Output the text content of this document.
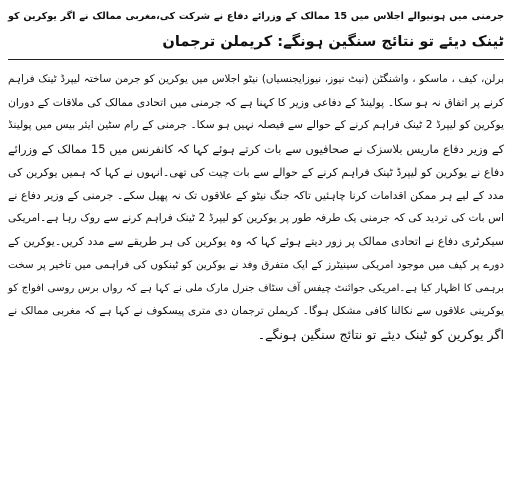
جرمنی میں ہونیوالے اجلاس میں 15 ممالک کے وزرائے دفاع نے شرکت کی،مغربی ممالک نے اگر یوکرین کو
ٹینک دیئے تو نتائج سنگین ہونگے: کریملن ترجمان
برلن، کیف ، ماسکو ، واشنگٹن (نیٹ نیوز، نیوزایجنسیاں) نیٹو اجلاس میں یوکرین کو جرمن ساختہ لیپرڈ ٹینک فراہم
کرنے پر اتفاق نہ ہو سکا۔ پولینڈ کے دفاعی وزیر کا کہنا ہے کہ جرمنی میں اتحادی ممالک کی ملاقات کے دوران
یوکرین کو لیپرڈ 2 ٹینک فراہم کرنے کے حوالے سے فیصلہ نہیں ہو سکا۔ جرمنی کے رام سٹین ایئر بیس میں پولینڈ
کے وزیر دفاع ماریس بلاسزک نے صحافیوں سے بات کرتے ہوئے کہا کہ کانفرنس میں 15 ممالک کے وزرائے
دفاع نے یوکرین کو لیپرڈ ٹینک فراہم کرنے کے حوالے سے بات چیت کی تھی۔انہوں نے کہا کہ ہمیں یوکرین کی
مدد کے لیے ہر ممکن اقدامات کرنا چاہئیں تاکہ جنگ نیٹو کے علاقوں تک نہ پھیل سکے۔ جرمنی کے وزیر دفاع نے
اس بات کی تردید کی کہ جرمنی یک طرفہ طور پر یوکرین کو لیپرڈ 2 ٹینک فراہم کرنے سے روک رہا ہے۔امریکی
سیکرٹری دفاع نے اتحادی ممالک پر زور دیتے ہوئے کہا کہ وہ یوکرین کی ہر طریقے سے مدد کریں۔یوکرین کے
دورے پر کیف میں موجود امریکی سینیٹرز کے ایک متفرق وفد نے یوکرین کو ٹینکوں کی فراہمی میں تاخیر پر سخت
برہمی کا اظہار کیا ہے۔امریکی جوائنٹ چیفس آف سٹاف جنرل مارک ملی نے کہا ہے کہ رواں برس روسی افواج کو
یوکرینی علاقوں سے نکالنا کافی مشکل ہوگا۔ کریملن ترجمان دی متری پیسکوف نے کہا ہے کہ مغربی ممالک نے
اگر یوکرین کو ٹینک دیئے تو نتائج سنگین ہونگے۔
